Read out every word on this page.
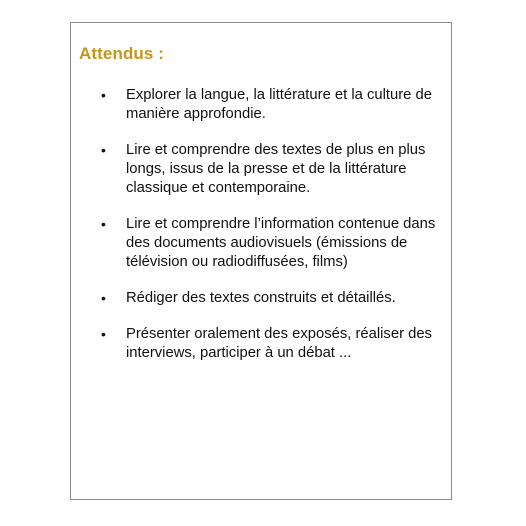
Attendus :
• Explorer la langue, la littérature et la culture de manière approfondie.
• Lire et comprendre des textes de plus en plus longs, issus de la presse et de la littérature classique et contemporaine.
• Lire et comprendre l’information contenue dans des documents audiovisuels (émissions de télévision ou radiodiffusées, films)
• Rédiger des textes construits et détaillés.
• Présenter oralement des exposés, réaliser des interviews, participer à un débat ...
